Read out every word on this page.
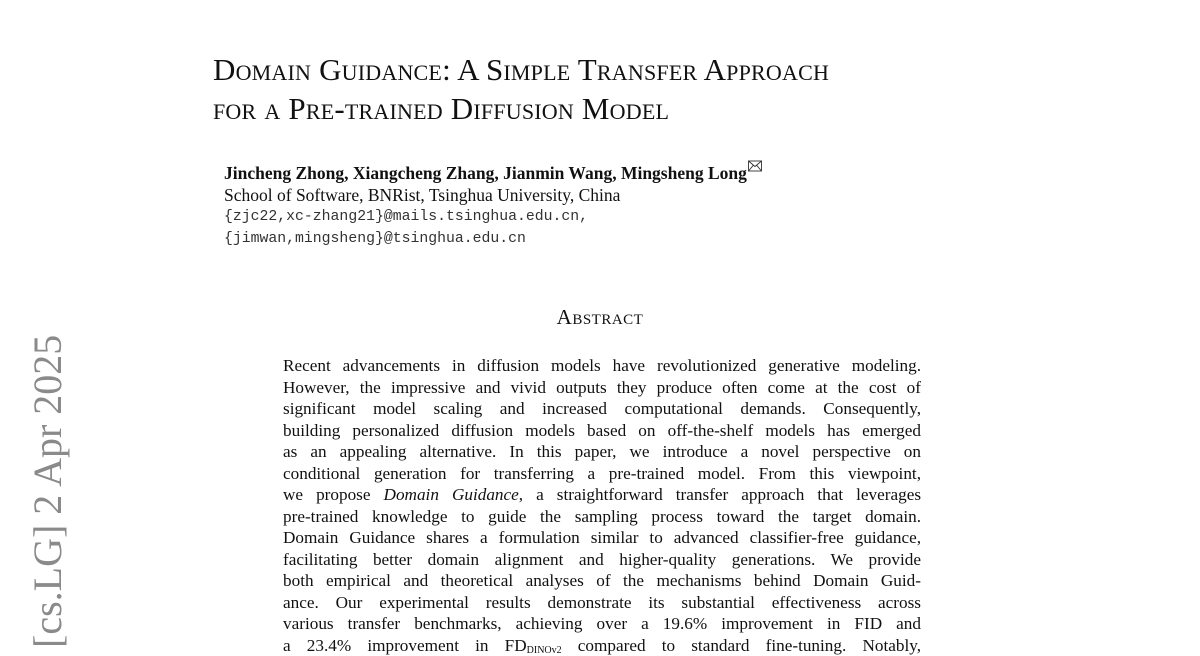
[cs.LG] 2 Apr 2025
Domain Guidance: A Simple Transfer Approach
for a Pre-trained Diffusion Model
Jincheng Zhong, Xiangcheng Zhang, Jianmin Wang, Mingsheng Long
School of Software, BNRist, Tsinghua University, China
{zjc22,xc-zhang21}@mails.tsinghua.edu.cn,
{jimwan,mingsheng}@tsinghua.edu.cn
Abstract
Recent advancements in diffusion models have revolutionized generative modeling.
However, the impressive and vivid outputs they produce often come at the cost of
significant model scaling and increased computational demands. Consequently,
building personalized diffusion models based on off-the-shelf models has emerged
as an appealing alternative. In this paper, we introduce a novel perspective on
conditional generation for transferring a pre-trained model. From this viewpoint,
we propose Domain Guidance, a straightforward transfer approach that leverages
pre-trained knowledge to guide the sampling process toward the target domain.
Domain Guidance shares a formulation similar to advanced classifier-free guidance,
facilitating better domain alignment and higher-quality generations. We provide
both empirical and theoretical analyses of the mechanisms behind Domain Guid-
ance. Our experimental results demonstrate its substantial effectiveness across
various transfer benchmarks, achieving over a 19.6% improvement in FID and
a 23.4% improvement in $FD_{DINOv2}$ compared to standard fine-tuning. Notably,
